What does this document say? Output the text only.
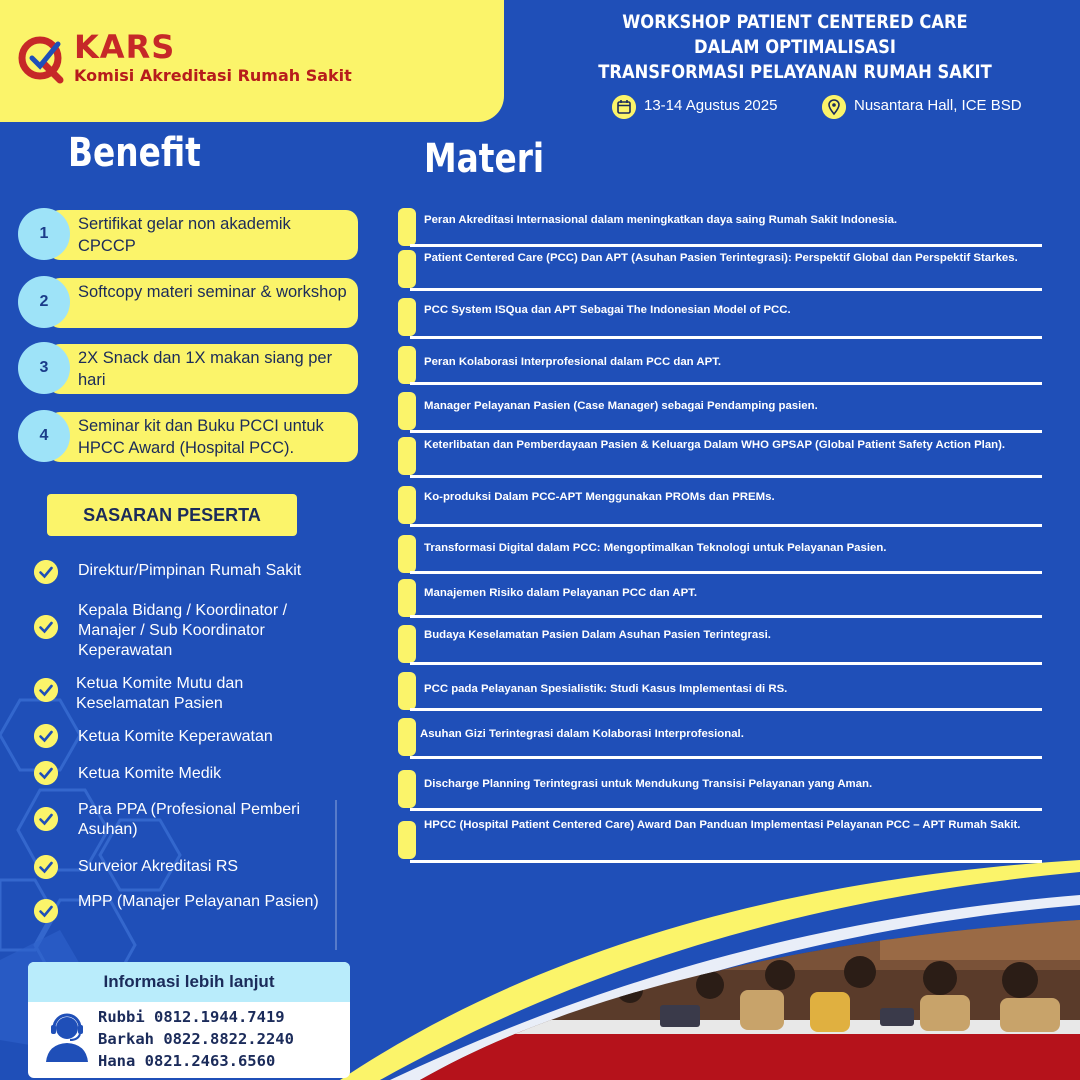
KARS
Komisi Akreditasi Rumah Sakit
WORKSHOP PATIENT CENTERED CARE
DALAM OPTIMALISASI
TRANSFORMASI PELAYANAN RUMAH SAKIT
13-14 Agustus 2025	Nusantara Hall, ICE BSD
Benefit
Sertifikat gelar non akademik CPCCP
1
Softcopy materi seminar & workshop
2
2X Snack dan 1X makan siang per hari
3
Seminar kit dan Buku PCCI untuk HPCC Award (Hospital PCC).
4
SASARAN PESERTA
Direktur/Pimpinan Rumah Sakit
Kepala Bidang / Koordinator / Manajer / Sub Koordinator Keperawatan
Ketua Komite Mutu dan Keselamatan Pasien
Ketua Komite Keperawatan
Ketua Komite Medik
Para PPA (Profesional Pemberi Asuhan)
Surveior Akreditasi RS
MPP (Manajer Pelayanan Pasien)
Materi
Peran Akreditasi Internasional dalam meningkatkan daya saing Rumah Sakit Indonesia.
Patient Centered Care (PCC) Dan APT (Asuhan Pasien Terintegrasi): Perspektif Global dan Perspektif Starkes.
PCC System ISQua dan APT Sebagai The Indonesian Model of PCC.
Peran Kolaborasi Interprofesional dalam PCC dan APT.
Manager Pelayanan Pasien (Case Manager) sebagai Pendamping pasien.
Keterlibatan dan Pemberdayaan Pasien & Keluarga Dalam WHO GPSAP (Global Patient Safety Action Plan).
Ko-produksi Dalam PCC-APT Menggunakan PROMs dan PREMs.
Transformasi Digital dalam PCC: Mengoptimalkan Teknologi untuk Pelayanan Pasien.
Manajemen Risiko dalam Pelayanan PCC dan APT.
Budaya Keselamatan Pasien Dalam Asuhan Pasien Terintegrasi.
PCC pada Pelayanan Spesialistik: Studi Kasus Implementasi di RS.
Asuhan Gizi Terintegrasi dalam Kolaborasi Interprofesional.
Discharge Planning Terintegrasi untuk Mendukung Transisi Pelayanan yang Aman.
HPCC (Hospital Patient Centered Care) Award Dan Panduan Implementasi Pelayanan PCC – APT Rumah Sakit.
Informasi lebih lanjut
Rubbi 0812.1944.7419
Barkah 0822.8822.2240
Hana 0821.2463.6560
